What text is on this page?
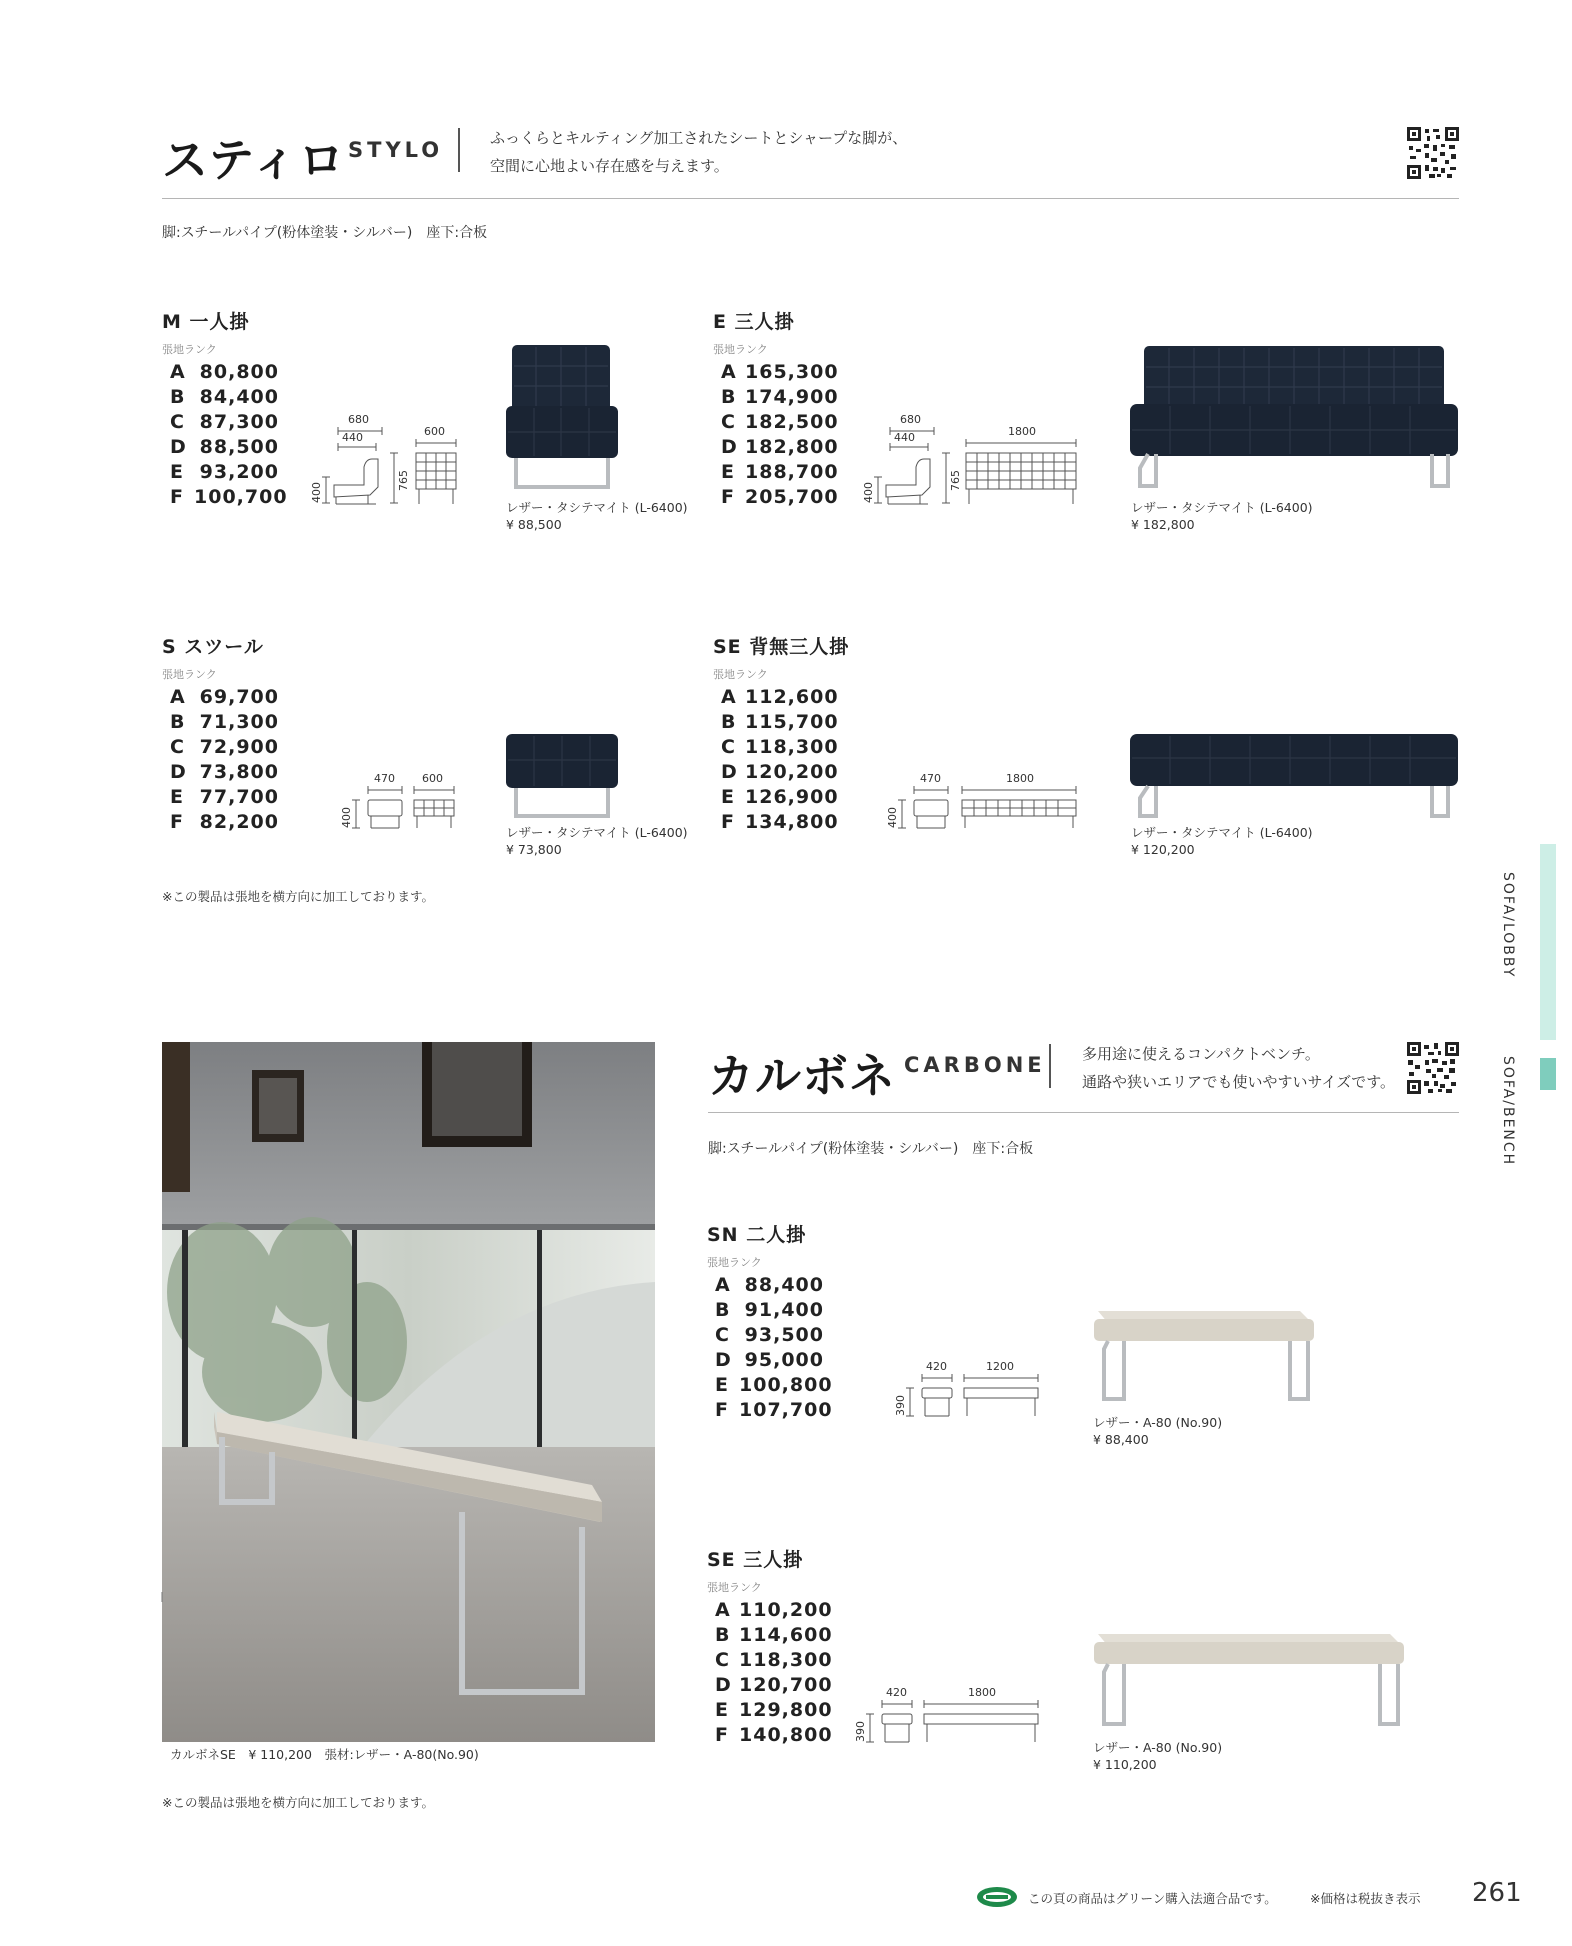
スティロ STYLO	ふっくらとキルティング加工されたシートとシャープな脚が、
空間に心地よい存在感を与えます。
脚:スチールパイプ(粉体塗装・シルバー)　座下:合板
M 一人掛
張地ランク
A 80,800
B 84,400
C 87,300
D 88,500
E 93,200
F 100,700
680
440	600
400
765
レザー・タシテマイト (L-6400)
¥ 88,500
E 三人掛
張地ランク
A 165,300
B 174,900
C 182,500
D 182,800
E 188,700
F 205,700
680
440	1800
400
765
レザー・タシテマイト (L-6400)
¥ 182,800
S スツール
張地ランク
A 69,700
B 71,300
C 72,900
D 73,800
E 77,700
F 82,200
470 600
400
レザー・タシテマイト (L-6400)
¥ 73,800
SE 背無三人掛
張地ランク
A 112,600
B 115,700
C 118,300
D 120,200
E 126,900
F 134,800
470	1800
400
レザー・タシテマイト (L-6400)
¥ 120,200
※この製品は張地を横方向に加工しております。	SOFA/LOBBY
SOFA/BENCH
カルボネSE　¥ 110,200　張材:レザー・A-80(No.90)
カルボネ CARBONE 多用途に使えるコンパクトベンチ。
通路や狭いエリアでも使いやすいサイズです。
脚:スチールパイプ(粉体塗装・シルバー)　座下:合板
SN 二人掛
張地ランク
A 88,400
B 91,400
C 93,500
D 95,000
E 100,800
F 107,700
420	1200
390
レザー・A-80 (No.90)
¥ 88,400
SE 三人掛
張地ランク
A 110,200
B 114,600
C 118,300
D 120,700
E 129,800
F 140,800
420	1800
390
レザー・A-80 (No.90)
¥ 110,200
※この製品は張地を横方向に加工しております。
この頁の商品はグリーン購入法適合品です。	※価格は税抜き表示 261
